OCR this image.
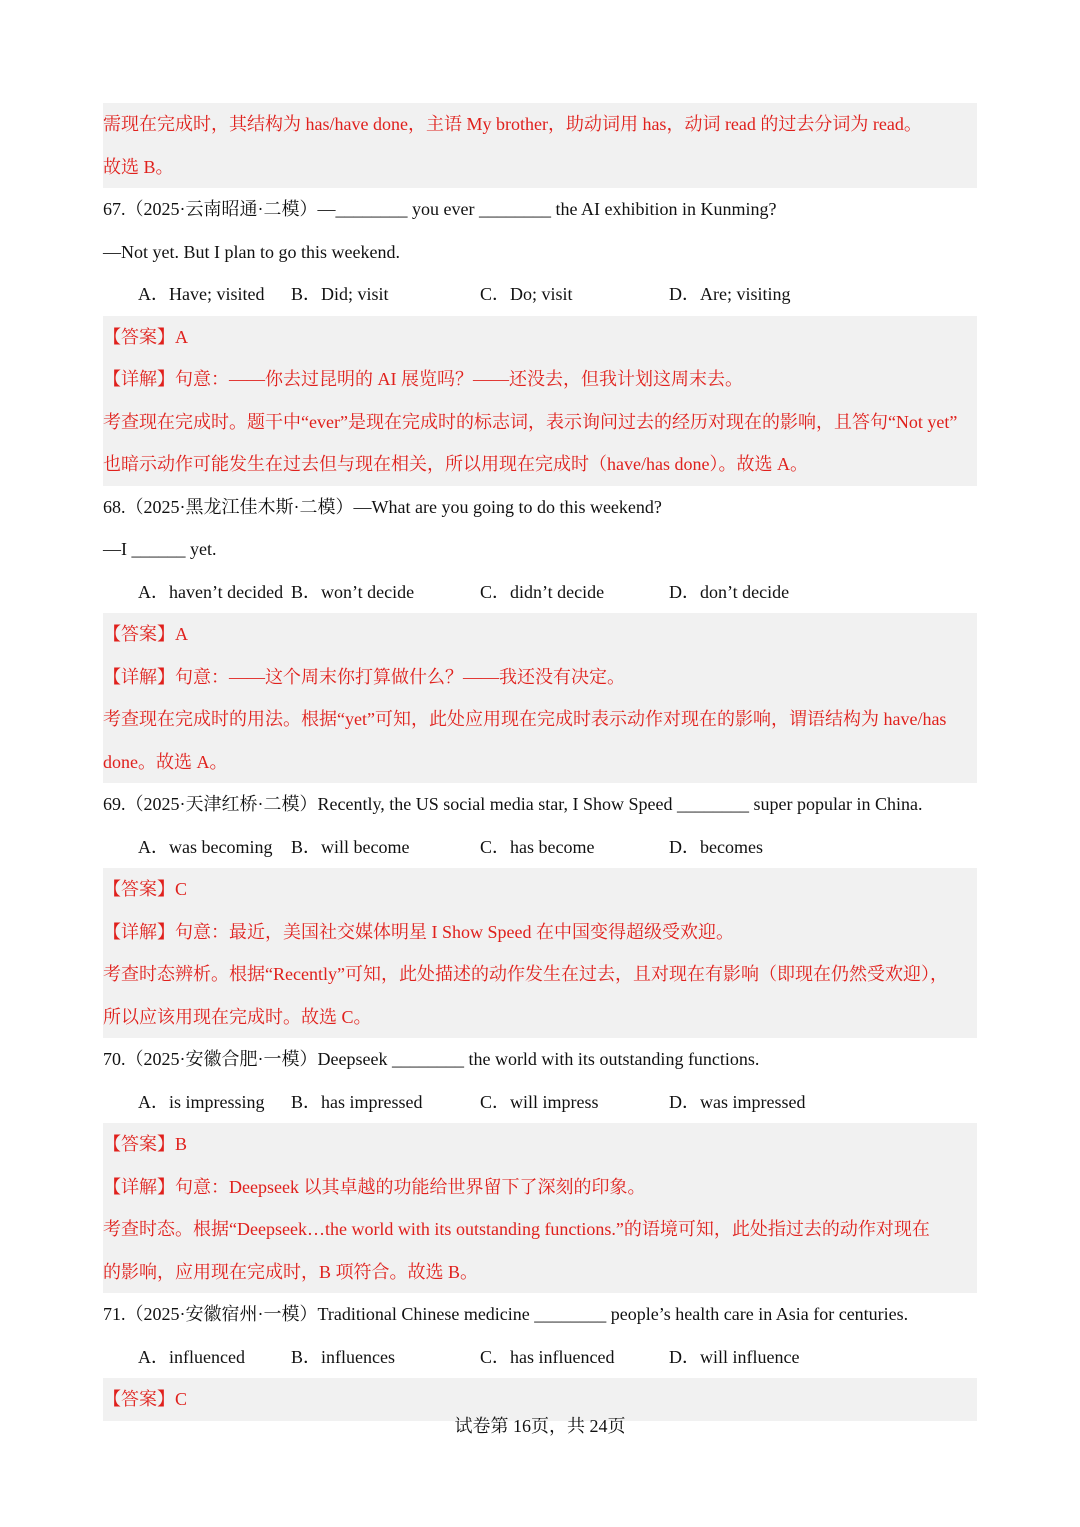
需现在完成时，其结构为 has/have done，主语 My brother，助动词用 has，动词 read 的过去分词为 read。
故选 B。
67.（2025·云南昭通·二模）—________ you ever ________ the AI exhibition in Kunming?
—Not yet. But I plan to go this weekend.
A．Have; visited B．Did; visit	C．Do; visit	D．Are; visiting
【答案】A
【详解】句意：——你去过昆明的 AI 展览吗？——还没去，但我计划这周末去。
考查现在完成时。题干中“ever”是现在完成时的标志词，表示询问过去的经历对现在的影响，且答句“Not yet”
也暗示动作可能发生在过去但与现在相关，所以用现在完成时（have/has done）。故选 A。
68.（2025·黑龙江佳木斯·二模）—What are you going to do this weekend?
—I ______ yet.
A．haven’t decided B．won’t decide	C．didn’t decide	D．don’t decide
【答案】A
【详解】句意：——这个周末你打算做什么？——我还没有决定。
考查现在完成时的用法。根据“yet”可知，此处应用现在完成时表示动作对现在的影响，谓语结构为 have/has
done。故选 A。
69.（2025·天津红桥·二模）Recently, the US social media star, I Show Speed ________ super popular in China.
A．was becoming B．will become	C．has become	D．becomes
【答案】C
【详解】句意：最近，美国社交媒体明星 I Show Speed 在中国变得超级受欢迎。
考查时态辨析。根据“Recently”可知，此处描述的动作发生在过去，且对现在有影响（即现在仍然受欢迎），
所以应该用现在完成时。故选 C。
70.（2025·安徽合肥·一模）Deepseek ________ the world with its outstanding functions.
A．is impressing B．has impressed	C．will impress	D．was impressed
【答案】B
【详解】句意：Deepseek 以其卓越的功能给世界留下了深刻的印象。
考查时态。根据“Deepseek…the world with its outstanding functions.”的语境可知，此处指过去的动作对现在
的影响，应用现在完成时，B 项符合。故选 B。
71.（2025·安徽宿州·一模）Traditional Chinese medicine ________ people’s health care in Asia for centuries.
A．influenced	B．influences	C．has influenced	D．will influence
【答案】C
试卷第 16页，共 24页
